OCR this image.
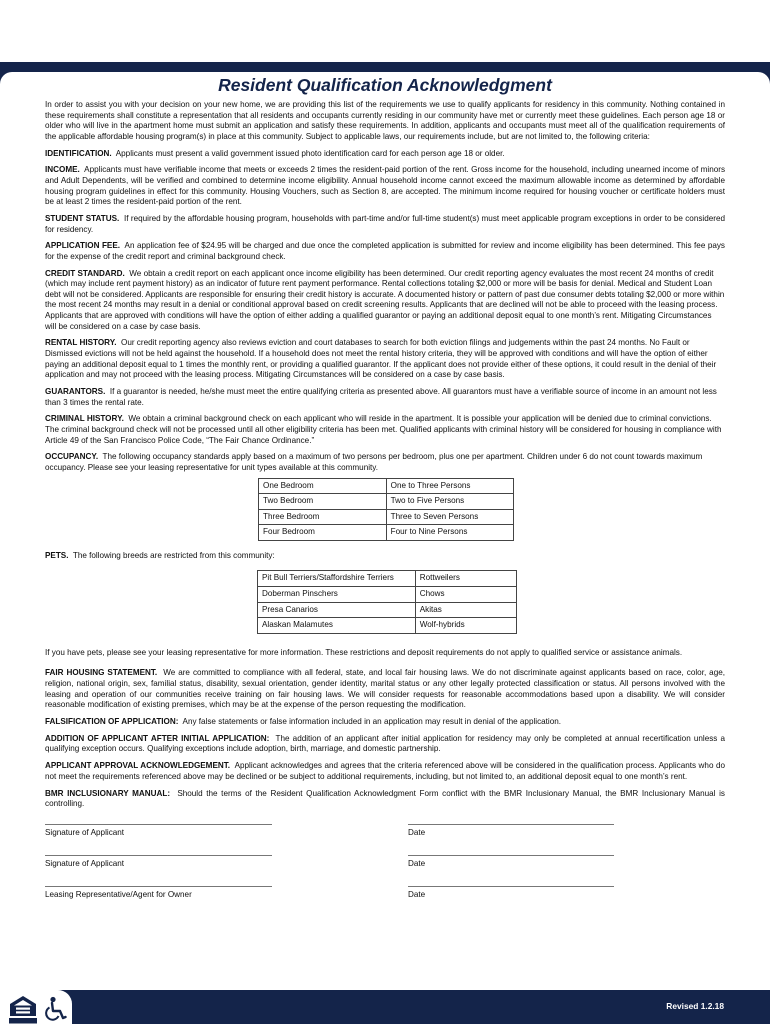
Resident Qualification Acknowledgment

In order to assist you with your decision on your new home, we are providing this list of the requirements we use to qualify applicants for residency in this community. Nothing contained in these requirements shall constitute a representation that all residents and occupants currently residing in our community have met or currently meet these guidelines. Each person age 18 or older who will live in the apartment home must submit an application and satisfy these requirements. In addition, applicants and occupants must meet all of the qualification requirements of the applicable affordable housing program(s) in place at this community. Subject to applicable laws, our requirements include, but are not limited to, the following criteria:

IDENTIFICATION. Applicants must present a valid government issued photo identification card for each person age 18 or older.

INCOME. Applicants must have verifiable income that meets or exceeds 2 times the resident-paid portion of the rent. Gross income for the household, including unearned income of minors and Adult Dependents, will be verified and combined to determine income eligibility. Annual household income cannot exceed the maximum allowable income as determined by affordable housing program guidelines in effect for this community. Housing Vouchers, such as Section 8, are accepted. The minimum income required for housing voucher or certificate holders must be at least 2 times the resident-paid portion of the rent.

STUDENT STATUS. If required by the affordable housing program, households with part-time and/or full-time student(s) must meet applicable program exceptions in order to be considered for residency.

APPLICATION FEE. An application fee of $24.95 will be charged and due once the completed application is submitted for review and income eligibility has been determined. This fee pays for the expense of the credit report and criminal background check.

CREDIT STANDARD. We obtain a credit report on each applicant once income eligibility has been determined. Our credit reporting agency evaluates the most recent 24 months of credit (which may include rent payment history) as an indicator of future rent payment performance. Rental collections totaling $2,000 or more will be basis for denial. Medical and Student Loan debt will not be considered. Applicants are responsible for ensuring their credit history is accurate. A documented history or pattern of past due consumer debts totaling $2,000 or more within the most recent 24 months may result in a denial or conditional approval based on credit screening results. Applicants that are declined will not be able to proceed with the leasing process. Applicants that are approved with conditions will have the option of either adding a qualified guarantor or paying an additional deposit equal to one month’s rent. Mitigating Circumstances will be considered on a case by case basis.

RENTAL HISTORY. Our credit reporting agency also reviews eviction and court databases to search for both eviction filings and judgements within the past 24 months. No Fault or Dismissed evictions will not be held against the household. If a household does not meet the rental history criteria, they will be approved with conditions and will have the option of either paying an additional deposit equal to 1 times the monthly rent, or providing a qualified guarantor. If the applicant does not provide either of these options, it could result in the denial of their application and may not proceed with the leasing process. Mitigating Circumstances will be considered on a case by case basis.

GUARANTORS. If a guarantor is needed, he/she must meet the entire qualifying criteria as presented above. All guarantors must have a verifiable source of income in an amount not less than 3 times the rental rate.

CRIMINAL HISTORY. We obtain a criminal background check on each applicant who will reside in the apartment. It is possible your application will be denied due to criminal convictions. The criminal background check will not be processed until all other eligibility criteria has been met. Qualified applicants with criminal history will be considered for housing in compliance with Article 49 of the San Francisco Police Code, “The Fair Chance Ordinance.”

OCCUPANCY. The following occupancy standards apply based on a maximum of two persons per bedroom, plus one per apartment. Children under 6 do not count towards maximum occupancy. Please see your leasing representative for unit types available at this community.

One Bedroom	One to Three Persons
Two Bedroom	Two to Five Persons
Three Bedroom	Three to Seven Persons
Four Bedroom	Four to Nine Persons

PETS. The following breeds are restricted from this community:

Pit Bull Terriers/Staffordshire Terriers	Rottweilers
Doberman Pinschers	Chows
Presa Canarios	Akitas
Alaskan Malamutes	Wolf-hybrids

If you have pets, please see your leasing representative for more information. These restrictions and deposit requirements do not apply to qualified service or assistance animals.

FAIR HOUSING STATEMENT. We are committed to compliance with all federal, state, and local fair housing laws. We do not discriminate against applicants based on race, color, age, religion, national origin, sex, familial status, disability, sexual orientation, gender identity, marital status or any other legally protected classification or status. All persons involved with the leasing and operation of our communities receive training on fair housing laws. We will consider requests for reasonable accommodations based upon a disability. We will consider reasonable modification of existing premises, which may be at the expense of the person requesting the modification.

FALSIFICATION OF APPLICATION: Any false statements or false information included in an application may result in denial of the application.

ADDITION OF APPLICANT AFTER INITIAL APPLICATION: The addition of an applicant after initial application for residency may only be completed at annual recertification unless a qualifying exception occurs. Qualifying exceptions include adoption, birth, marriage, and domestic partnership.

APPLICANT APPROVAL ACKNOWLEDGEMENT. Applicant acknowledges and agrees that the criteria referenced above will be considered in the qualification process. Applicants who do not meet the requirements referenced above may be declined or be subject to additional requirements, including, but not limited to, an additional deposit equal to one month’s rent.

BMR INCLUSIONARY MANUAL: Should the terms of the Resident Qualification Acknowledgment Form conflict with the BMR Inclusionary Manual, the BMR Inclusionary Manual is controlling.

Signature of Applicant	Date
Signature of Applicant	Date
Leasing Representative/Agent for Owner	Date
Revised 1.2.18
